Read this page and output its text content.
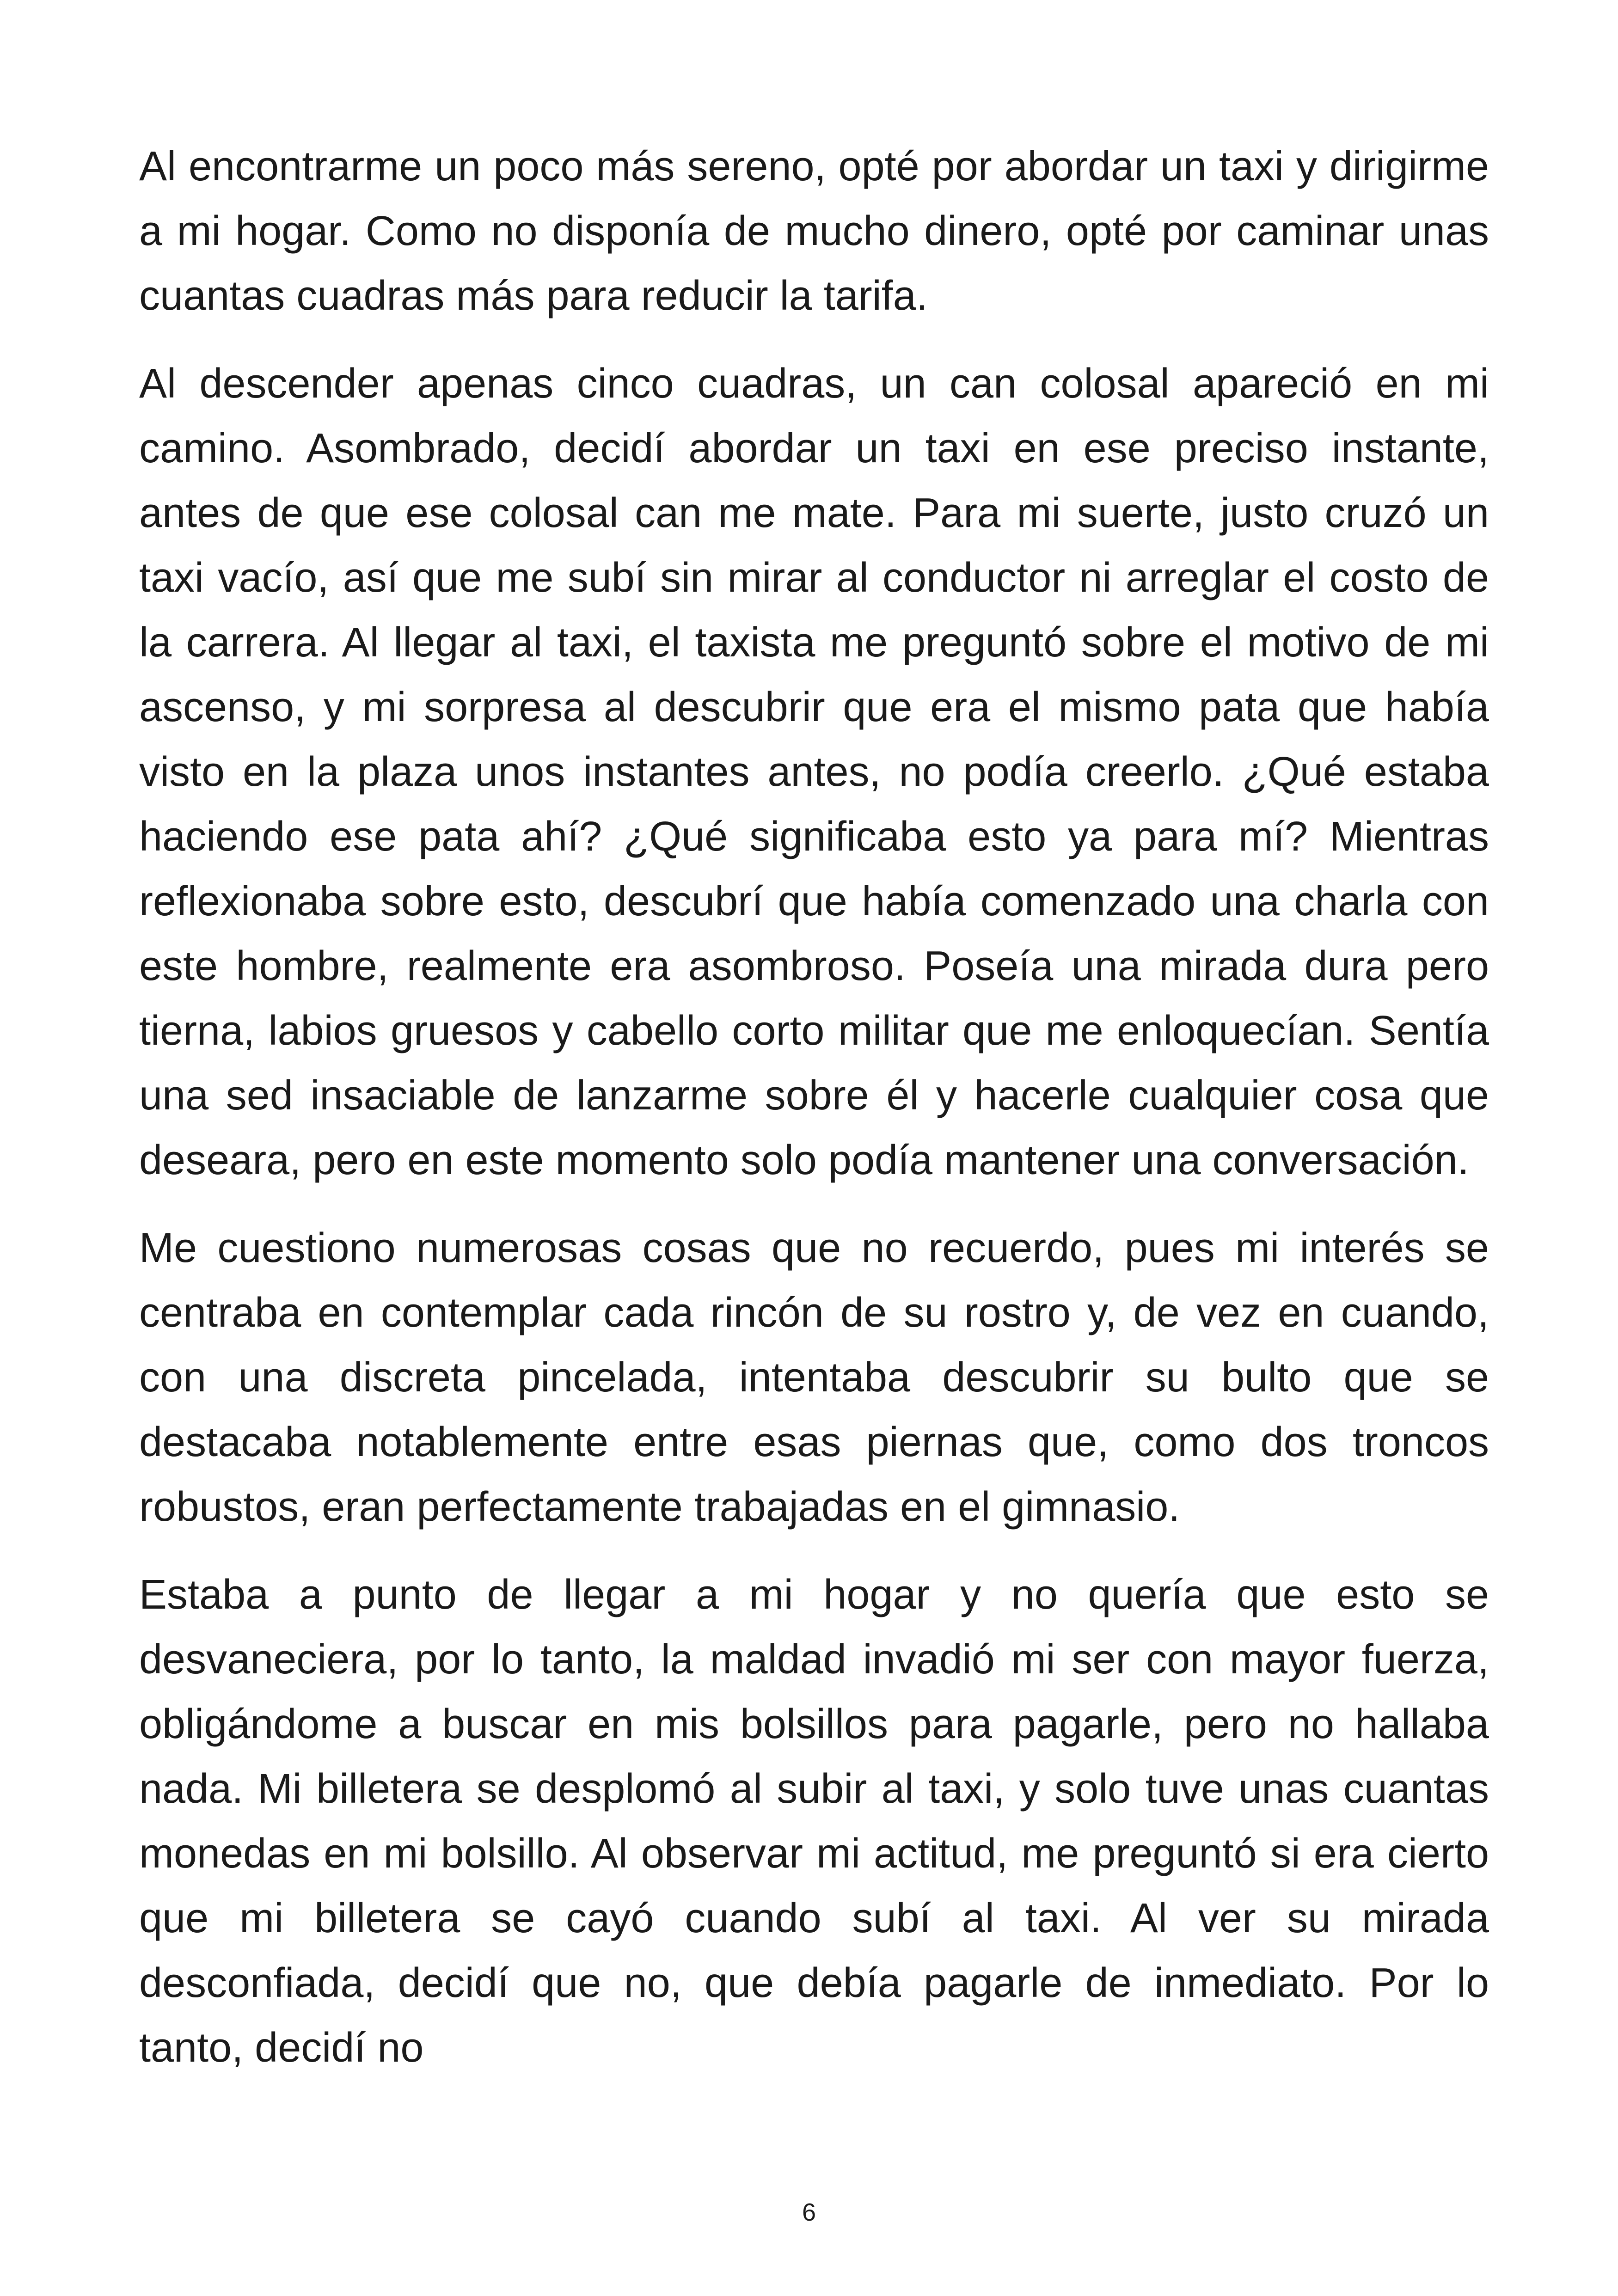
Al encontrarme un poco más sereno, opté por abordar un taxi y dirigirme a mi hogar. Como no disponía de mucho dinero, opté por caminar unas cuantas cuadras más para reducir la tarifa.

Al descender apenas cinco cuadras, un can colosal apareció en mi camino. Asombrado, decidí abordar un taxi en ese preciso instante, antes de que ese colosal can me mate. Para mi suerte, justo cruzó un taxi vacío, así que me subí sin mirar al conductor ni arreglar el costo de la carrera. Al llegar al taxi, el taxista me preguntó sobre el motivo de mi ascenso, y mi sorpresa al descubrir que era el mismo pata que había visto en la plaza unos instantes antes, no podía creerlo. ¿Qué estaba haciendo ese pata ahí? ¿Qué significaba esto ya para mí? Mientras reflexionaba sobre esto, descubrí que había comenzado una charla con este hombre, realmente era asombroso. Poseía una mirada dura pero tierna, labios gruesos y cabello corto militar que me enloquecían. Sentía una sed insaciable de lanzarme sobre él y hacerle cualquier cosa que deseara, pero en este momento solo podía mantener una conversación.

Me cuestiono numerosas cosas que no recuerdo, pues mi interés se centraba en contemplar cada rincón de su rostro y, de vez en cuando, con una discreta pincelada, intentaba descubrir su bulto que se destacaba notablemente entre esas piernas que, como dos troncos robustos, eran perfectamente trabajadas en el gimnasio.

Estaba a punto de llegar a mi hogar y no quería que esto se desvaneciera, por lo tanto, la maldad invadió mi ser con mayor fuerza, obligándome a buscar en mis bolsillos para pagarle, pero no hallaba nada. Mi billetera se desplomó al subir al taxi, y solo tuve unas cuantas monedas en mi bolsillo. Al observar mi actitud, me preguntó si era cierto que mi billetera se cayó cuando subí al taxi. Al ver su mirada desconfiada, decidí que no, que debía pagarle de inmediato. Por lo tanto, decidí no

6
